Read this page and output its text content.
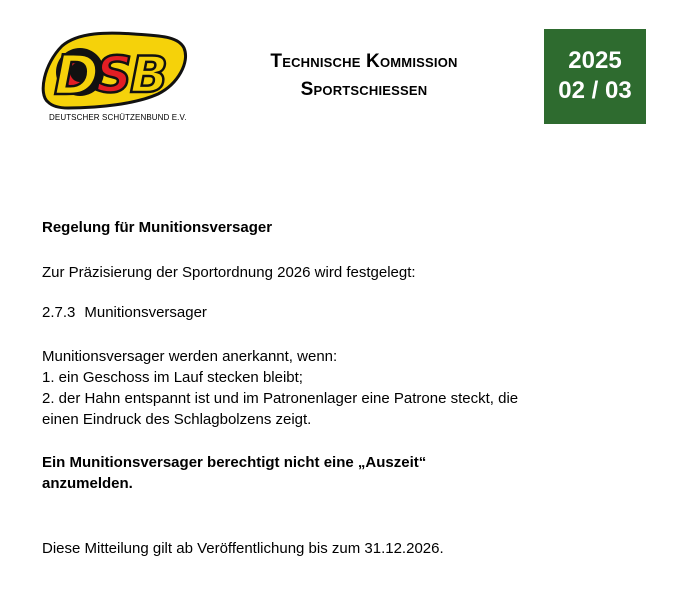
D
S
B
DEUTSCHER SCHÜTZENBUND E.V.
Technische Kommission
Sportschiessen
2025
02 / 03
Regelung für Munitionsversager
Zur Präzisierung der Sportordnung 2026 wird festgelegt:
2.7.3 Munitionsversager
Munitionsversager werden anerkannt, wenn:
1. ein Geschoss im Lauf stecken bleibt;
2. der Hahn entspannt ist und im Patronenlager eine Patrone steckt, die
einen Eindruck des Schlagbolzens zeigt.
Ein Munitionsversager berechtigt nicht eine „Auszeit“
anzumelden.
Diese Mitteilung gilt ab Veröffentlichung bis zum 31.12.2026.
